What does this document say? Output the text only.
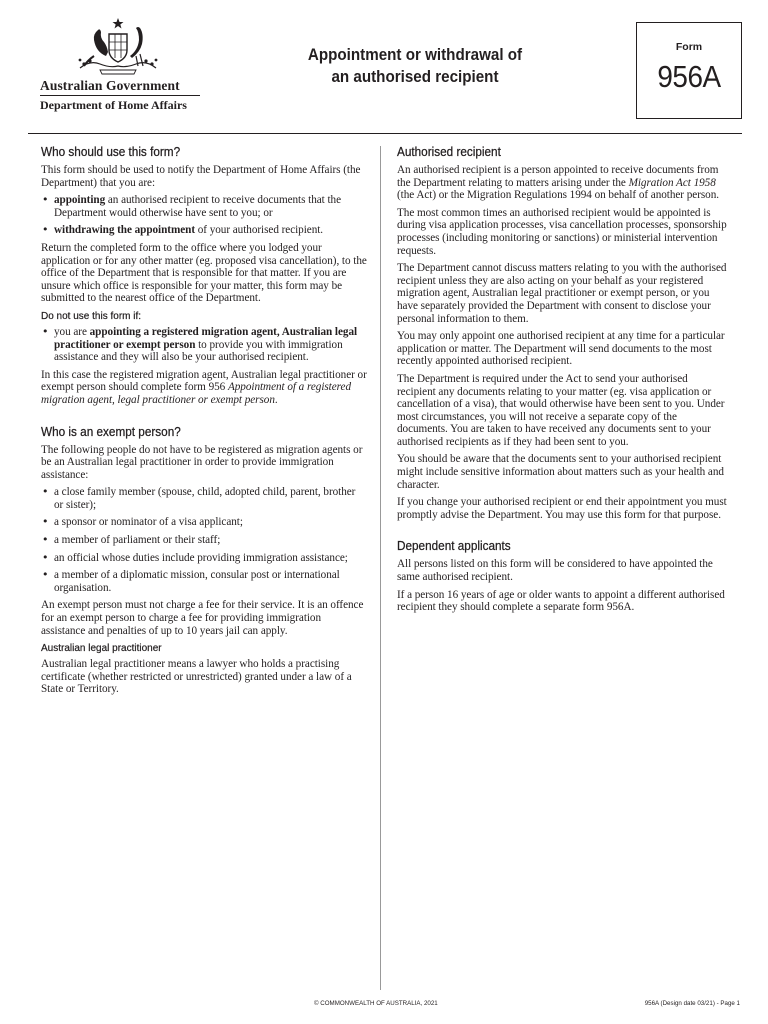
Australian Government
Department of Home Affairs
Appointment or withdrawal of
an authorised recipient
Form
956A
Who should use this form?

This form should be used to notify the Department of Home Affairs (the Department) that you are:

• appointing an authorised recipient to receive documents that the Department would otherwise have sent to you; or
• withdrawing the appointment of your authorised recipient.

Return the completed form to the office where you lodged your application or for any other matter (eg. proposed visa cancellation), to the office of the Department that is responsible for that matter. If you are unsure which office is responsible for your matter, this form may be submitted to the nearest office of the Department.

Do not use this form if:
• you are appointing a registered migration agent, Australian legal practitioner or exempt person to provide you with immigration assistance and they will also be your authorised recipient.

In this case the registered migration agent, Australian legal practitioner or exempt person should complete form 956 Appointment of a registered migration agent, legal practitioner or exempt person.

Who is an exempt person?

The following people do not have to be registered as migration agents or be an Australian legal practitioner in order to provide immigration assistance:

• a close family member (spouse, child, adopted child, parent, brother or sister);
• a sponsor or nominator of a visa applicant;
• a member of parliament or their staff;
• an official whose duties include providing immigration assistance;
• a member of a diplomatic mission, consular post or international organisation.

An exempt person must not charge a fee for their service. It is an offence for an exempt person to charge a fee for providing immigration assistance and penalties of up to 10 years jail can apply.

Australian legal practitioner

Australian legal practitioner means a lawyer who holds a practising certificate (whether restricted or unrestricted) granted under a law of a State or Territory.

Authorised recipient

An authorised recipient is a person appointed to receive documents from the Department relating to matters arising under the Migration Act 1958 (the Act) or the Migration Regulations 1994 on behalf of another person.

The most common times an authorised recipient would be appointed is during visa application processes, visa cancellation processes, sponsorship processes (including monitoring or sanctions) or ministerial intervention requests.

The Department cannot discuss matters relating to you with the authorised recipient unless they are also acting on your behalf as your registered migration agent, Australian legal practitioner or exempt person, or you have separately provided the Department with consent to disclose your personal information to them.

You may only appoint one authorised recipient at any time for a particular application or matter. The Department will send documents to the most recently appointed authorised recipient.

The Department is required under the Act to send your authorised recipient any documents relating to your matter (eg. visa application or cancellation of a visa), that would otherwise have been sent to you. Under most circumstances, you will not receive a separate copy of the documents. You are taken to have received any documents sent to your authorised recipients as if they had been sent to you.

You should be aware that the documents sent to your authorised recipient might include sensitive information about matters such as your health and character.

If you change your authorised recipient or end their appointment you must promptly advise the Department. You may use this form for that purpose.

Dependent applicants

All persons listed on this form will be considered to have appointed the same authorised recipient.

If a person 16 years of age or older wants to appoint a different authorised recipient they should complete a separate form 956A.

© COMMONWEALTH OF AUSTRALIA, 2021	956A (Design date 03/21) - Page 1
